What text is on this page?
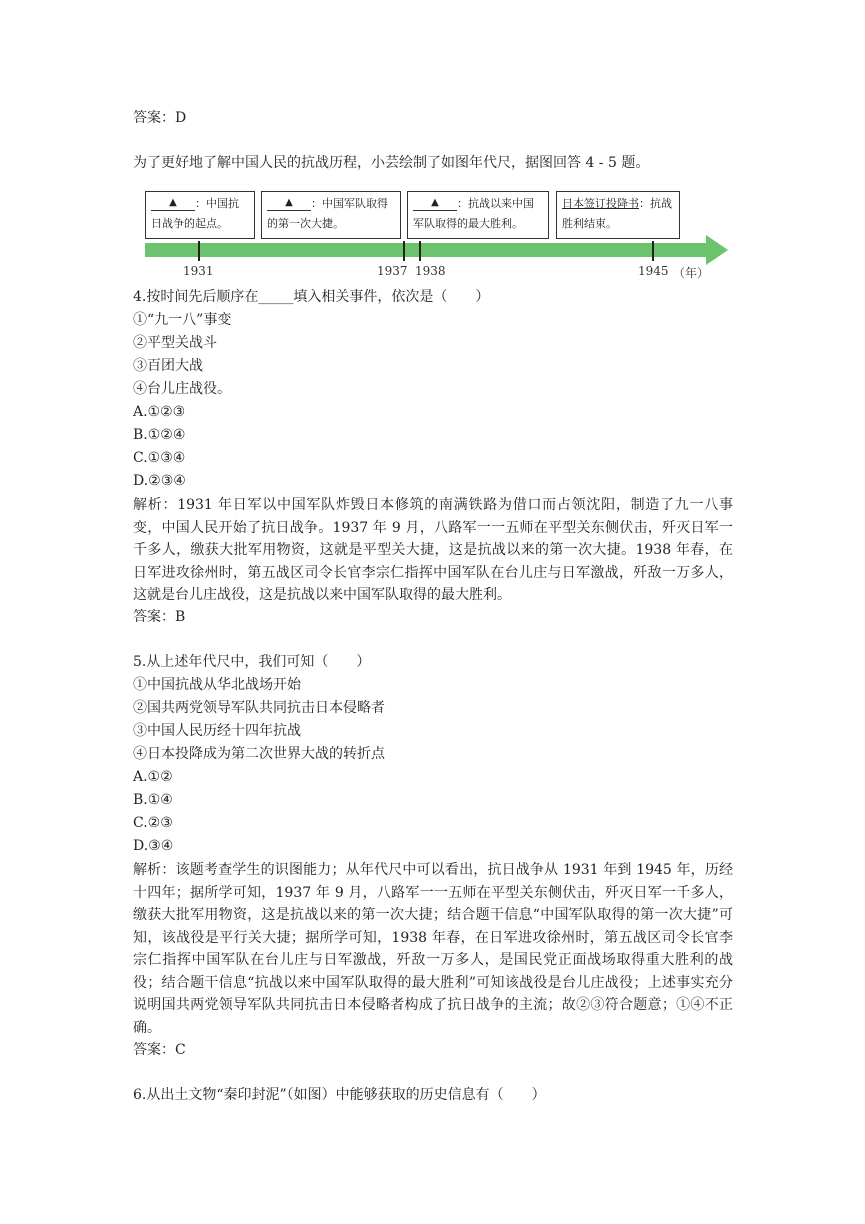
答案：D
为了更好地了解中国人民的抗战历程，小芸绘制了如图年代尺，据图回答 4 - 5 题。
▲ ：中国抗日战争的起点。
▲ ：中国军队取得的第一次大捷。
▲ ：抗战以来中国军队取得的最大胜利。
日本签订投降书：抗战胜利结束。
1931	1937 1938	1945 （年）
4.按时间先后顺序在_____填入相关事件，依次是（　　）
①“九一八”事变
②平型关战斗
③百团大战
④台儿庄战役。
A.①②③
B.①②④
C.①③④
D.②③④
解析：1931 年日军以中国军队炸毁日本修筑的南满铁路为借口而占领沈阳，制造了九一八事变，中国人民开始了抗日战争。1937 年 9 月，八路军一一五师在平型关东侧伏击，歼灭日军一千多人，缴获大批军用物资，这就是平型关大捷，这是抗战以来的第一次大捷。1938 年春，在日军进攻徐州时，第五战区司令长官李宗仁指挥中国军队在台儿庄与日军激战，歼敌一万多人，这就是台儿庄战役，这是抗战以来中国军队取得的最大胜利。
答案：B
5.从上述年代尺中，我们可知（　　）
①中国抗战从华北战场开始
②国共两党领导军队共同抗击日本侵略者
③中国人民历经十四年抗战
④日本投降成为第二次世界大战的转折点
A.①②
B.①④
C.②③
D.③④
解析：该题考查学生的识图能力；从年代尺中可以看出，抗日战争从 1931 年到 1945 年，历经十四年；据所学可知，1937 年 9 月，八路军一一五师在平型关东侧伏击，歼灭日军一千多人，缴获大批军用物资，这是抗战以来的第一次大捷；结合题干信息“中国军队取得的第一次大捷”可知，该战役是平行关大捷；据所学可知，1938 年春，在日军进攻徐州时，第五战区司令长官李宗仁指挥中国军队在台儿庄与日军激战，歼敌一万多人，是国民党正面战场取得重大胜利的战役；结合题干信息“抗战以来中国军队取得的最大胜利”可知该战役是台儿庄战役；上述事实充分说明国共两党领导军队共同抗击日本侵略者构成了抗日战争的主流；故②③符合题意；①④不正确。
答案：C
6.从出土文物“秦印封泥”（如图）中能够获取的历史信息有（　　）
